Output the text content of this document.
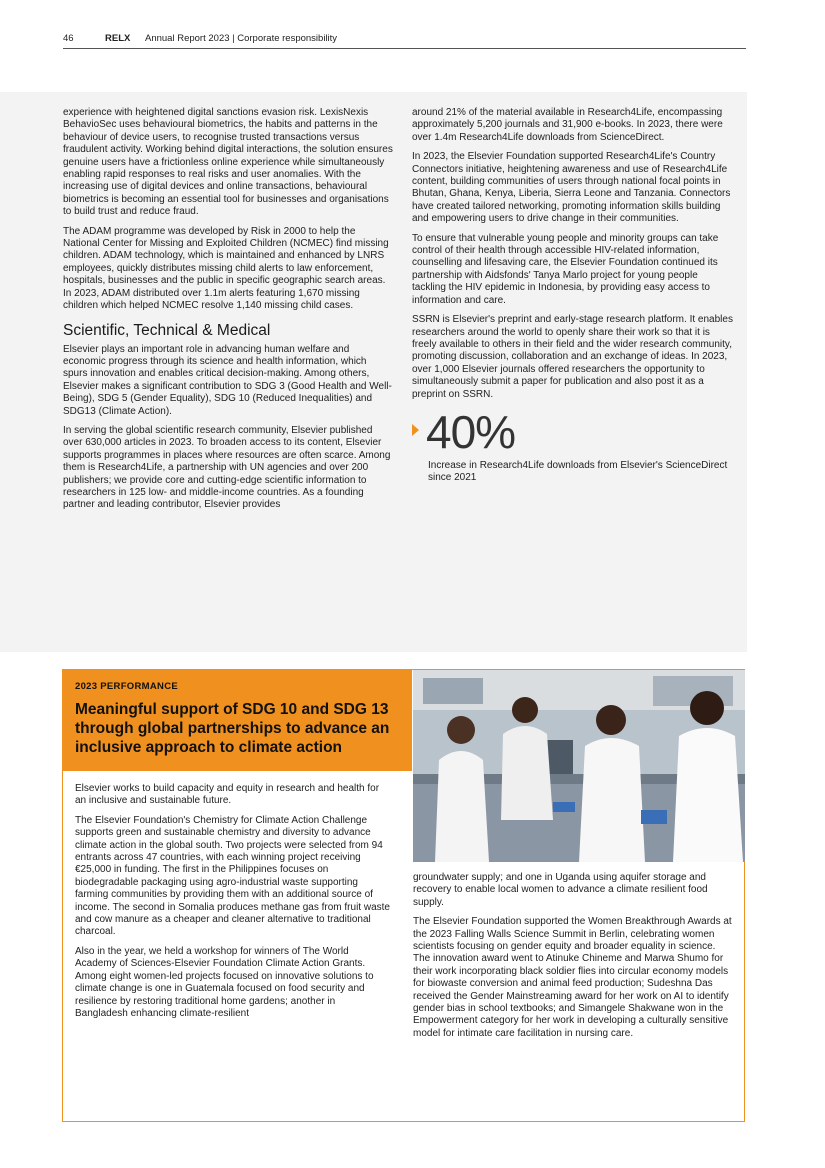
46	RELX Annual Report 2023 | Corporate responsibility

experience with heightened digital sanctions evasion risk. LexisNexis BehavioSec uses behavioural biometrics, the habits and patterns in the behaviour of device users, to recognise trusted transactions versus fraudulent activity. Working behind digital interactions, the solution ensures genuine users have a frictionless online experience while simultaneously enabling rapid responses to real risks and user anomalies. With the increasing use of digital devices and online transactions, behavioural biometrics is becoming an essential tool for businesses and organisations to build trust and reduce fraud.

The ADAM programme was developed by Risk in 2000 to help the National Center for Missing and Exploited Children (NCMEC) find missing children. ADAM technology, which is maintained and enhanced by LNRS employees, quickly distributes missing child alerts to law enforcement, hospitals, businesses and the public in specific geographic search areas. In 2023, ADAM distributed over 1.1m alerts featuring 1,670 missing children which helped NCMEC resolve 1,140 missing child cases.

Scientific, Technical & Medical

Elsevier plays an important role in advancing human welfare and economic progress through its science and health information, which spurs innovation and enables critical decision-making. Among others, Elsevier makes a significant contribution to SDG 3 (Good Health and Well-Being), SDG 5 (Gender Equality), SDG 10 (Reduced Inequalities) and SDG13 (Climate Action).

In serving the global scientific research community, Elsevier published over 630,000 articles in 2023. To broaden access to its content, Elsevier supports programmes in places where resources are often scarce. Among them is Research4Life, a partnership with UN agencies and over 200 publishers; we provide core and cutting-edge scientific information to researchers in 125 low- and middle-income countries. As a founding partner and leading contributor, Elsevier provides

around 21% of the material available in Research4Life, encompassing approximately 5,200 journals and 31,900 e-books. In 2023, there were over 1.4m Research4Life downloads from ScienceDirect.

In 2023, the Elsevier Foundation supported Research4Life's Country Connectors initiative, heightening awareness and use of Research4Life content, building communities of users through national focal points in Bhutan, Ghana, Kenya, Liberia, Sierra Leone and Tanzania. Connectors have created tailored networking, promoting information skills building and empowering users to drive change in their communities.

To ensure that vulnerable young people and minority groups can take control of their health through accessible HIV-related information, counselling and lifesaving care, the Elsevier Foundation continued its partnership with Aidsfonds' Tanya Marlo project for young people tackling the HIV epidemic in Indonesia, by providing easy access to information and care.

SSRN is Elsevier's preprint and early-stage research platform. It enables researchers around the world to openly share their work so that it is freely available to others in their field and the wider research community, promoting discussion, collaboration and an exchange of ideas. In 2023, over 1,000 Elsevier journals offered researchers the opportunity to simultaneously submit a paper for publication and also post it as a preprint on SSRN.

40%
Increase in Research4Life downloads from Elsevier's ScienceDirect since 2021
2023 PERFORMANCE
Meaningful support of SDG 10 and SDG 13 through global partnerships to advance an inclusive approach to climate action

Elsevier works to build capacity and equity in research and health for an inclusive and sustainable future.

The Elsevier Foundation's Chemistry for Climate Action Challenge supports green and sustainable chemistry and diversity to advance climate action in the global south. Two projects were selected from 94 entrants across 47 countries, with each winning project receiving €25,000 in funding. The first in the Philippines focuses on biodegradable packaging using agro-industrial waste supporting farming communities by providing them with an additional source of income. The second in Somalia produces methane gas from fruit waste and cow manure as a cheaper and cleaner alternative to traditional charcoal.

Also in the year, we held a workshop for winners of The World Academy of Sciences-Elsevier Foundation Climate Action Grants. Among eight women-led projects focused on innovative solutions to climate change is one in Guatemala focused on food security and resilience by restoring traditional home gardens; another in Bangladesh enhancing climate-resilient

groundwater supply; and one in Uganda using aquifer storage and recovery to enable local women to advance a climate resilient food supply.

The Elsevier Foundation supported the Women Breakthrough Awards at the 2023 Falling Walls Science Summit in Berlin, celebrating women scientists focusing on gender equity and broader equality in science. The innovation award went to Atinuke Chineme and Marwa Shumo for their work incorporating black soldier flies into circular economy models for biowaste conversion and animal feed production; Sudeshna Das received the Gender Mainstreaming award for her work on AI to identify gender bias in school textbooks; and Simangele Shakwane won in the Empowerment category for her work in developing a culturally sensitive model for intimate care facilitation in nursing care.
